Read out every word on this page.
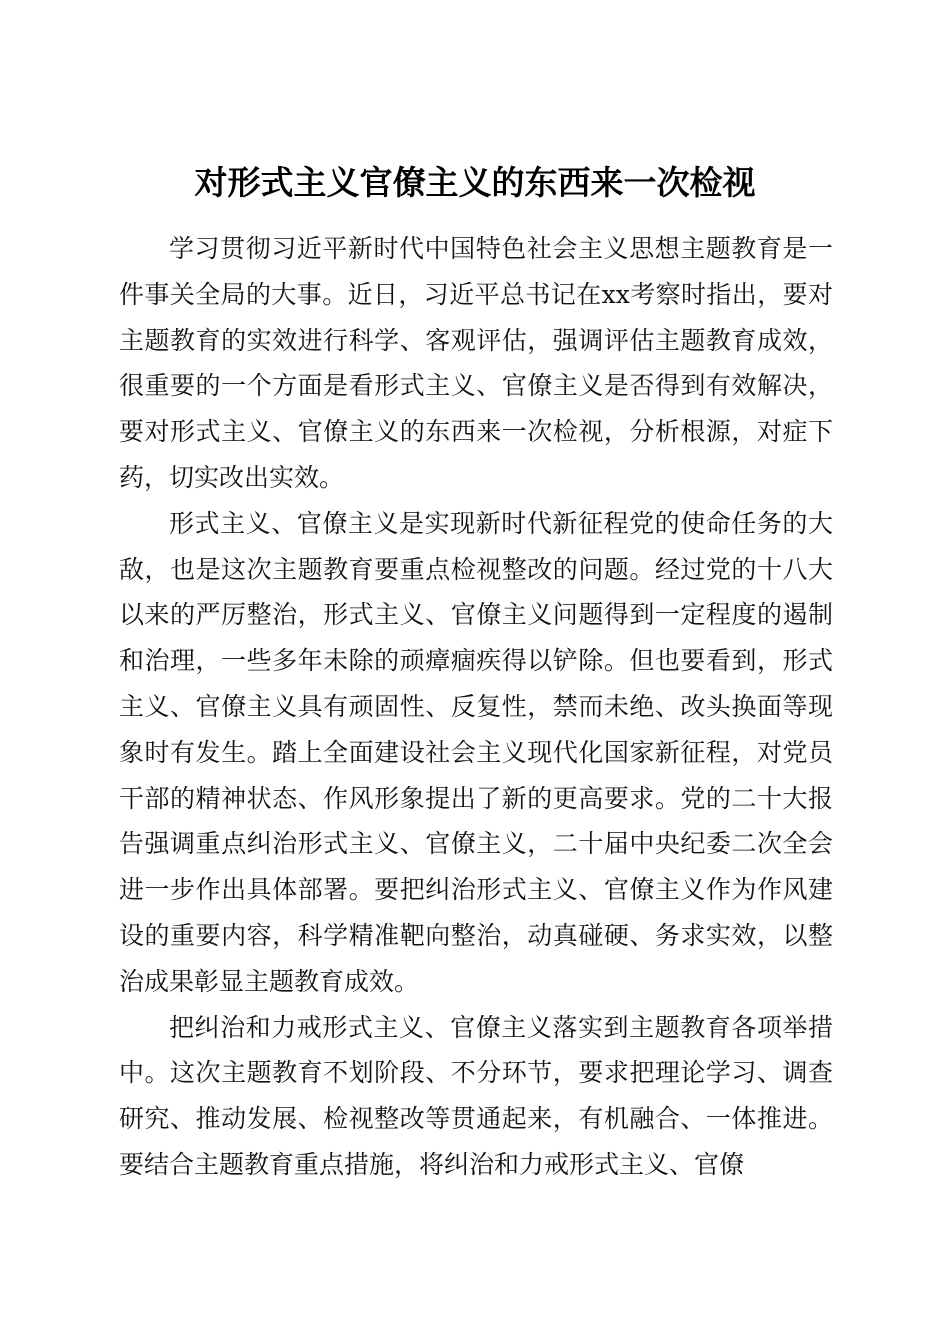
对形式主义官僚主义的东西来一次检视

学习贯彻习近平新时代中国特色社会主义思想主题教育是一件事关全局的大事。近日，习近平总书记在xx考察时指出，要对主题教育的实效进行科学、客观评估，强调评估主题教育成效，很重要的一个方面是看形式主义、官僚主义是否得到有效解决，要对形式主义、官僚主义的东西来一次检视，分析根源，对症下药，切实改出实效。

形式主义、官僚主义是实现新时代新征程党的使命任务的大敌，也是这次主题教育要重点检视整改的问题。经过党的十八大以来的严厉整治，形式主义、官僚主义问题得到一定程度的遏制和治理，一些多年未除的顽瘴痼疾得以铲除。但也要看到，形式主义、官僚主义具有顽固性、反复性，禁而未绝、改头换面等现象时有发生。踏上全面建设社会主义现代化国家新征程，对党员干部的精神状态、作风形象提出了新的更高要求。党的二十大报告强调重点纠治形式主义、官僚主义，二十届中央纪委二次全会进一步作出具体部署。要把纠治形式主义、官僚主义作为作风建设的重要内容，科学精准靶向整治，动真碰硬、务求实效，以整治成果彰显主题教育成效。

把纠治和力戒形式主义、官僚主义落实到主题教育各项举措中。这次主题教育不划阶段、不分环节，要求把理论学习、调查研究、推动发展、检视整改等贯通起来，有机融合、一体推进。要结合主题教育重点措施，将纠治和力戒形式主义、官僚
